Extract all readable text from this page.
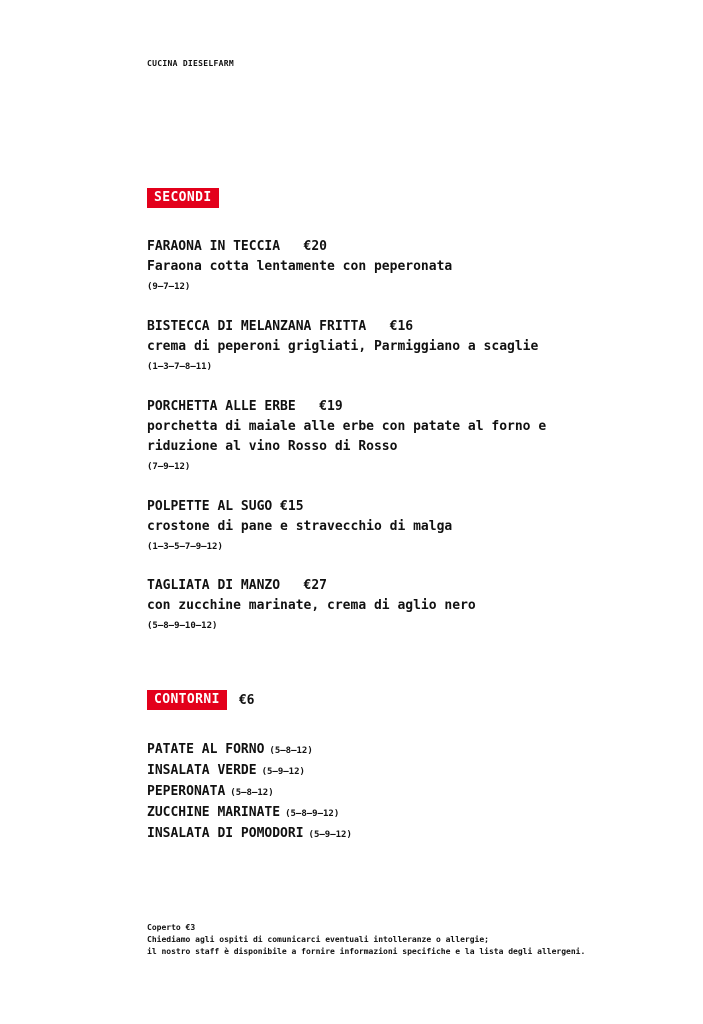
CUCINA DIESELFARM
SECONDI
FARAONA IN TECCIA   €20
Faraona cotta lentamente con peperonata
(9–7–12)
BISTECCA DI MELANZANA FRITTA   €16
crema di peperoni grigliati, Parmiggiano a scaglie
(1–3–7–8–11)
PORCHETTA ALLE ERBE   €19
porchetta di maiale alle erbe con patate al forno e riduzione al vino Rosso di Rosso
(7–9–12)
POLPETTE AL SUGO €15
crostone di pane e stravecchio di malga
(1–3–5–7–9–12)
TAGLIATA DI MANZO   €27
con zucchine marinate, crema di aglio nero
(5–8–9–10–12)
CONTORNI	€6
PATATE AL FORNO (5–8–12)
INSALATA VERDE (5–9–12)
PEPERONATA (5–8–12)
ZUCCHINE MARINATE (5–8–9–12)
INSALATA DI POMODORI (5–9–12)
Coperto €3
Chiediamo agli ospiti di comunicarci eventuali intolleranze o allergie;
il nostro staff è disponibile a fornire informazioni specifiche e la lista degli allergeni.
